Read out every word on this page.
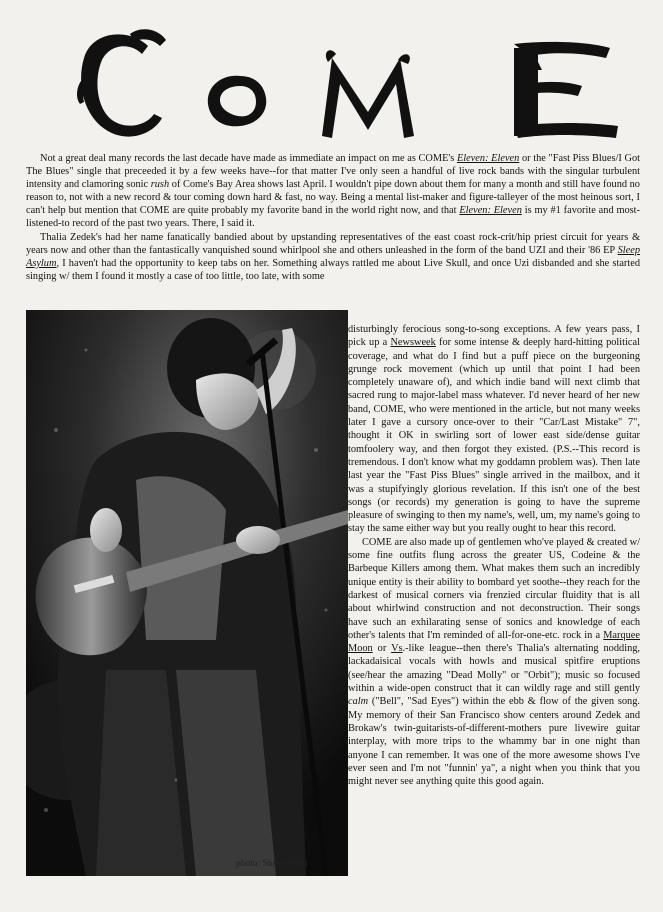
Not a great deal many records the last decade have made as immediate an impact on me as COME's Eleven: Eleven or the "Fast Piss Blues/I Got The Blues" single that preceeded it by a few weeks have--for that matter I've only seen a handful of live rock bands with the singular turbulent intensity and clamoring sonic rush of Come's Bay Area shows last April. I wouldn't pipe down about them for many a month and still have found no reason to, not with a new record & tour coming down hard & fast, no way. Being a mental list-maker and figure-talleyer of the most heinous sort, I can't help but mention that COME are quite probably my favorite band in the world right now, and that Eleven: Eleven is my #1 favorite and most-listened-to record of the past two years. There, I said it.

Thalia Zedek's had her name fanatically bandied about by upstanding representatives of the east coast rock-crit/hip priest circuit for years & years now and other than the fantastically vanquished sound whirlpool she and others unleashed in the form of the band UZI and their '86 EP Sleep Asylum, I haven't had the opportunity to keep tabs on her. Something always rattled me about Live Skull, and once Uzi disbanded and she started singing w/ them I found it mostly a case of too little, too late, with some

photo: Sherri Scott

disturbingly ferocious song-to-song exceptions. A few years pass, I pick up a Newsweek for some intense & deeply hard-hitting political coverage, and what do I find but a puff piece on the burgeoning grunge rock movement (which up until that point I had been completely unaware of), and which indie band will next climb that sacred rung to major-label mass whatever. I'd never heard of her new band, COME, who were mentioned in the article, but not many weeks later I gave a cursory once-over to their "Car/Last Mistake" 7", thought it OK in swirling sort of lower east side/dense guitar tomfoolery way, and then forgot they existed. (P.S.--This record is tremendous. I don't know what my goddamn problem was). Then late last year the "Fast Piss Blues" single arrived in the mailbox, and it was a stupifyingly glorious revelation. If this isn't one of the best songs (or records) my generation is going to have the supreme pleasure of swinging to then my name's, well, um, my name's going to stay the same either way but you really ought to hear this record.

COME are also made up of gentlemen who've played & created w/ some fine outfits flung across the greater US, Codeine & the Barbeque Killers among them. What makes them such an incredibly unique entity is their ability to bombard yet soothe--they reach for the darkest of musical corners via frenzied circular fluidity that is all about whirlwind construction and not deconstruction. Their songs have such an exhilarating sense of sonics and knowledge of each other's talents that I'm reminded of all-for-one-etc. rock in a Marquee Moon or Vs.-like league--then there's Thalia's alternating nodding, lackadaisical vocals with howls and musical spitfire eruptions (see/hear the amazing "Dead Molly" or "Orbit"); music so focused within a wide-open construct that it can wildly rage and still gently calm ("Bell", "Sad Eyes") within the ebb & flow of the given song. My memory of their San Francisco show centers around Zedek and Brokaw's twin-guitarists-of-different-mothers pure livewire guitar interplay, with more trips to the whammy bar in one night than anyone I can remember. It was one of the more awesome shows I've ever seen and I'm not "funnin' ya", a night when you think that you might never see anything quite this good again.
